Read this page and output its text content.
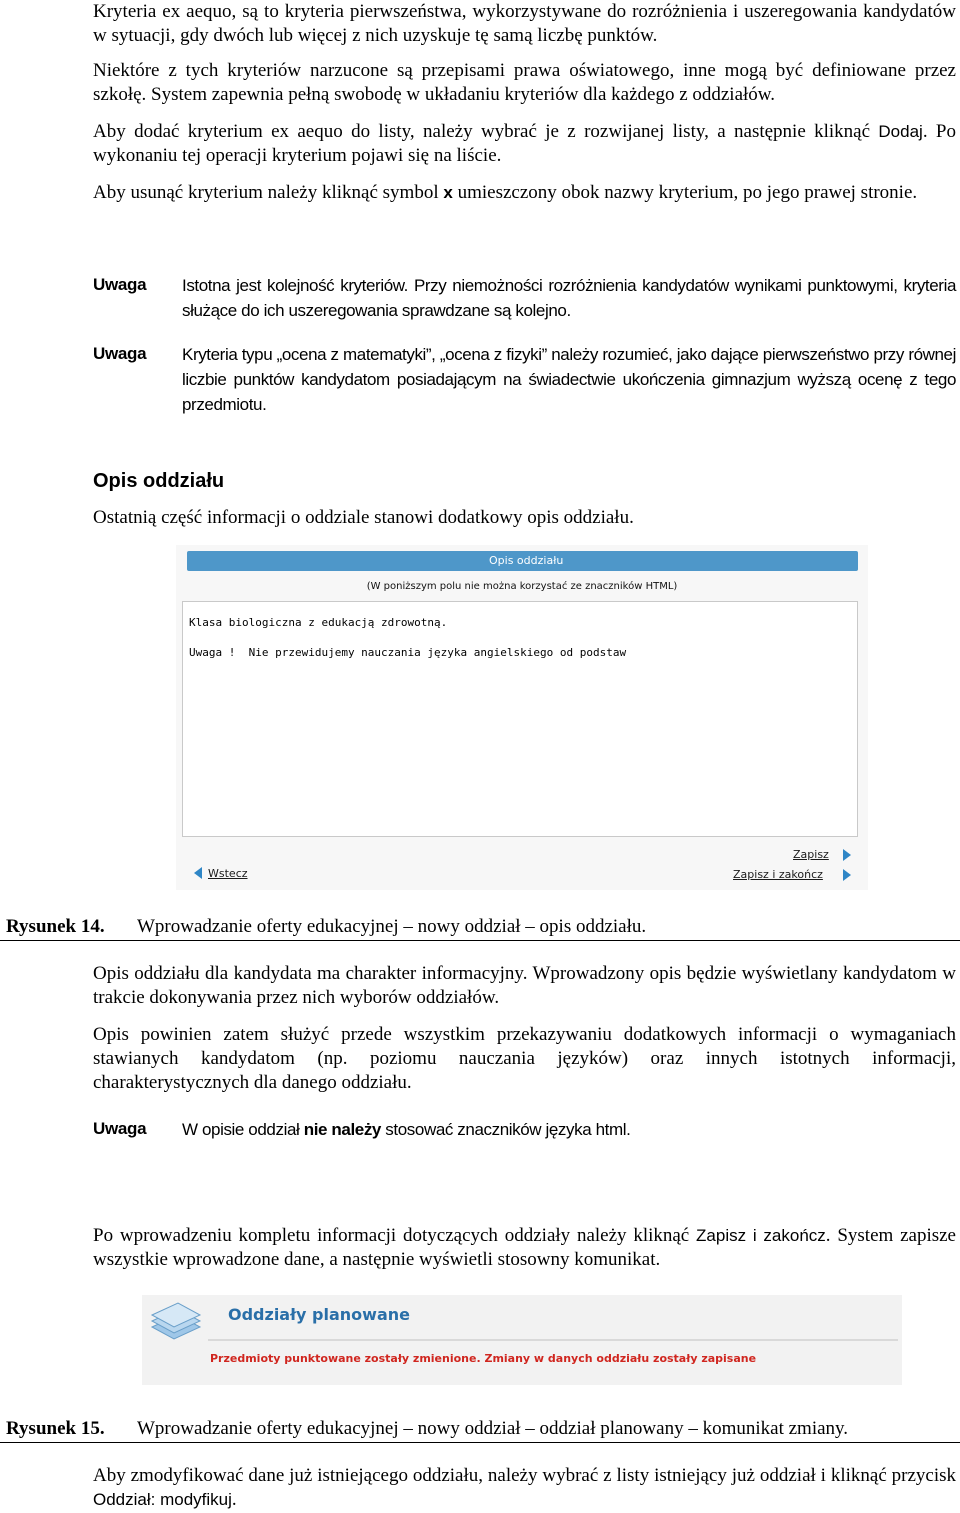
Kryteria ex aequo, są to kryteria pierwszeństwa, wykorzystywane do rozróżnienia i uszeregowania kandydatów w sytuacji, gdy dwóch lub więcej z nich uzyskuje tę samą liczbę punktów.

Niektóre z tych kryteriów narzucone są przepisami prawa oświatowego, inne mogą być definiowane przez szkołę. System zapewnia pełną swobodę w układaniu kryteriów dla każdego z oddziałów.

Aby dodać kryterium ex aequo do listy, należy wybrać je z rozwijanej listy, a następnie kliknąć Dodaj. Po wykonaniu tej operacji kryterium pojawi się na liście.

Aby usunąć kryterium należy kliknąć symbol x umieszczony obok nazwy kryterium, po jego prawej stronie.

Uwaga Istotna jest kolejność kryteriów. Przy niemożności rozróżnienia kandydatów wynikami punktowymi, kryteria służące do ich uszeregowania sprawdzane są kolejno.

Uwaga Kryteria typu „ocena z matematyki”, „ocena z fizyki” należy rozumieć, jako dające pierwszeństwo przy równej liczbie punktów kandydatom posiadającym na świadectwie ukończenia gimnazjum wyższą ocenę z tego przedmiotu.

Opis oddziału

Ostatnią część informacji o oddziale stanowi dodatkowy opis oddziału.

Opis oddziału
(W poniższym polu nie można korzystać ze znaczników HTML)
Klasa biologiczna z edukacją zdrowotną.
Uwaga !  Nie przewidujemy nauczania języka angielskiego od podstaw
Wstecz
Zapisz
Zapisz i zakończ
Rysunek 14. Wprowadzanie oferty edukacyjnej – nowy oddział – opis oddziału.

Opis oddziału dla kandydata ma charakter informacyjny. Wprowadzony opis będzie wyświetlany kandydatom w trakcie dokonywania przez nich wyborów oddziałów.

Opis powinien zatem służyć przede wszystkim przekazywaniu dodatkowych informacji o wymaganiach stawianych kandydatom (np. poziomu nauczania języków) oraz innych istotnych informacji, charakterystycznych dla danego oddziału.

Uwaga W opisie oddział nie należy stosować znaczników języka html.

Po wprowadzeniu kompletu informacji dotyczących oddziały należy kliknąć Zapisz i zakończ. System zapisze wszystkie wprowadzone dane, a następnie wyświetli stosowny komunikat.

Oddziały planowane
Przedmioty punktowane zostały zmienione. Zmiany w danych oddziału zostały zapisane
Rysunek 15. Wprowadzanie oferty edukacyjnej – nowy oddział – oddział planowany – komunikat zmiany.

Aby zmodyfikować dane już istniejącego oddziału, należy wybrać z listy istniejący już oddział i kliknąć przycisk Oddział: modyfikuj.
